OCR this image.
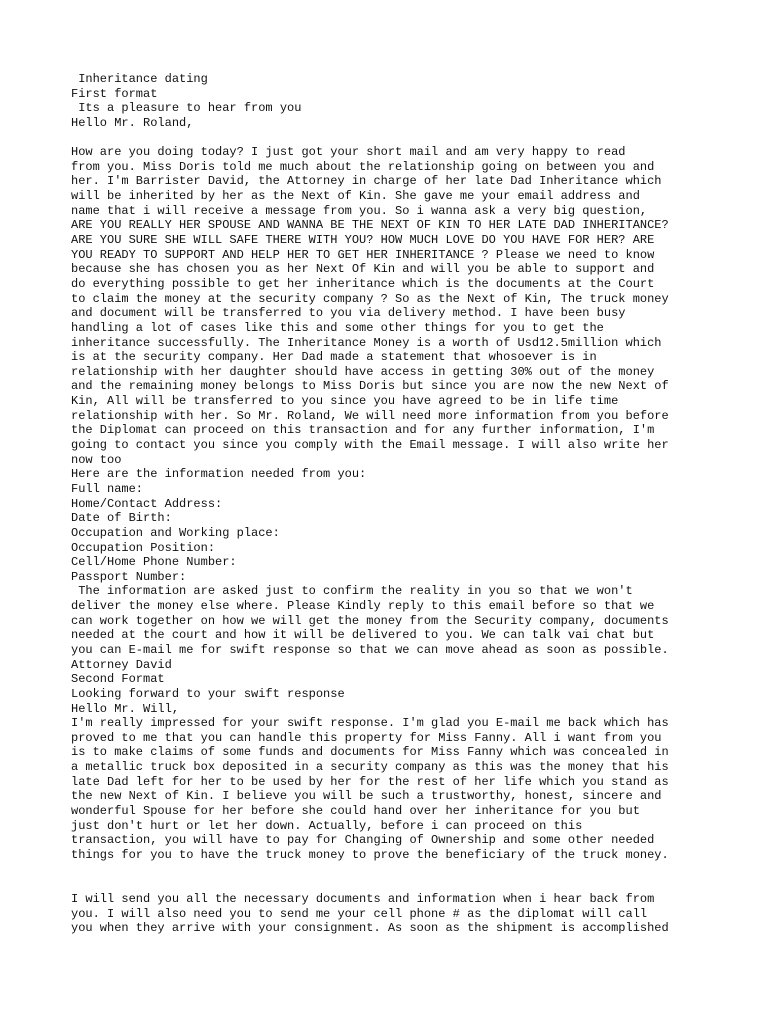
Inheritance dating
First format
Its a pleasure to hear from you
Hello Mr. Roland,
How are you doing today? I just got your short mail and am very happy to read
from you. Miss Doris told me much about the relationship going on between you and
her. I'm Barrister David, the Attorney in charge of her late Dad Inheritance which
will be inherited by her as the Next of Kin. She gave me your email address and
name that i will receive a message from you. So i wanna ask a very big question,
ARE YOU REALLY HER SPOUSE AND WANNA BE THE NEXT OF KIN TO HER LATE DAD INHERITANCE?
ARE YOU SURE SHE WILL SAFE THERE WITH YOU? HOW MUCH LOVE DO YOU HAVE FOR HER? ARE
YOU READY TO SUPPORT AND HELP HER TO GET HER INHERITANCE ? Please we need to know
because she has chosen you as her Next Of Kin and will you be able to support and
do everything possible to get her inheritance which is the documents at the Court
to claim the money at the security company ? So as the Next of Kin, The truck money
and document will be transferred to you via delivery method. I have been busy
handling a lot of cases like this and some other things for you to get the
inheritance successfully. The Inheritance Money is a worth of Usd12.5million which
is at the security company. Her Dad made a statement that whosoever is in
relationship with her daughter should have access in getting 30% out of the money
and the remaining money belongs to Miss Doris but since you are now the new Next of
Kin, All will be transferred to you since you have agreed to be in life time
relationship with her. So Mr. Roland, We will need more information from you before
the Diplomat can proceed on this transaction and for any further information, I'm
going to contact you since you comply with the Email message. I will also write her
now too
Here are the information needed from you:
Full name:
Home/Contact Address:
Date of Birth:
Occupation and Working place:
Occupation Position:
Cell/Home Phone Number:
Passport Number:
The information are asked just to confirm the reality in you so that we won't
deliver the money else where. Please Kindly reply to this email before so that we
can work together on how we will get the money from the Security company, documents
needed at the court and how it will be delivered to you. We can talk vai chat but
you can E-mail me for swift response so that we can move ahead as soon as possible.
Attorney David
Second Format
Looking forward to your swift response
Hello Mr. Will,
I'm really impressed for your swift response. I'm glad you E-mail me back which has
proved to me that you can handle this property for Miss Fanny. All i want from you
is to make claims of some funds and documents for Miss Fanny which was concealed in
a metallic truck box deposited in a security company as this was the money that his
late Dad left for her to be used by her for the rest of her life which you stand as
the new Next of Kin. I believe you will be such a trustworthy, honest, sincere and
wonderful Spouse for her before she could hand over her inheritance for you but
just don't hurt or let her down. Actually, before i can proceed on this
transaction, you will have to pay for Changing of Ownership and some other needed
things for you to have the truck money to prove the beneficiary of the truck money.
I will send you all the necessary documents and information when i hear back from
you. I will also need you to send me your cell phone # as the diplomat will call
you when they arrive with your consignment. As soon as the shipment is accomplished
